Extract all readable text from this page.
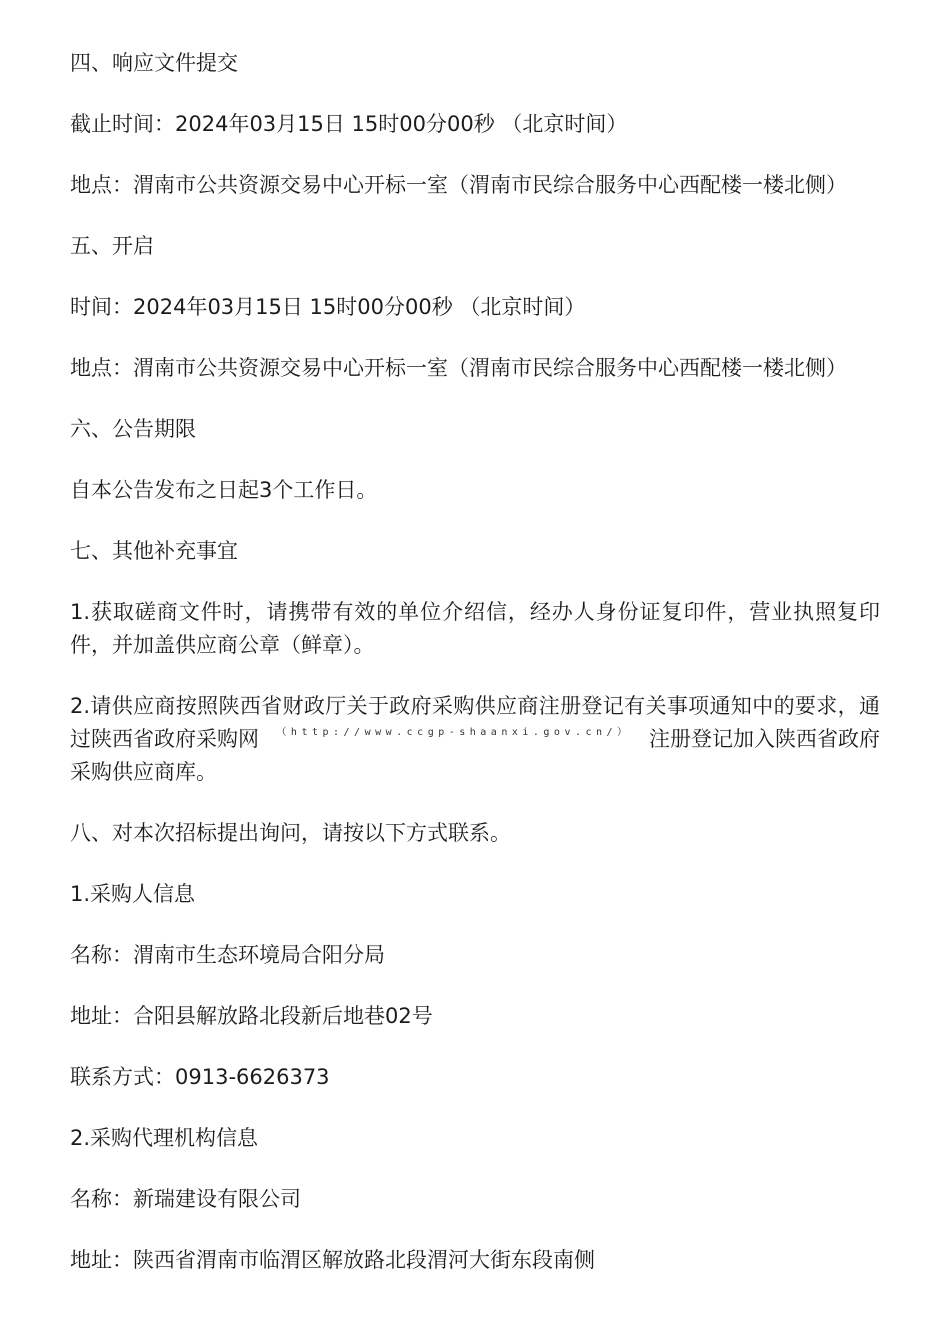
四、响应文件提交

截止时间：2024年03月15日 15时00分00秒 （北京时间）

地点：渭南市公共资源交易中心开标一室（渭南市民综合服务中心西配楼一楼北侧）

五、开启

时间：2024年03月15日 15时00分00秒 （北京时间）

地点：渭南市公共资源交易中心开标一室（渭南市民综合服务中心西配楼一楼北侧）

六、公告期限

自本公告发布之日起3个工作日。

七、其他补充事宜

1.获取磋商文件时，请携带有效的单位介绍信，经办人身份证复印件，营业执照复印
件，并加盖供应商公章（鲜章）。

2.请供应商按照陕西省财政厅关于政府采购供应商注册登记有关事项通知中的要求，通
过陕西省政府采购网 （http://www.ccgp-shaanxi.gov.cn/） 注册登记加入陕西省政府
采购供应商库。

八、对本次招标提出询问，请按以下方式联系。

1.采购人信息

名称：渭南市生态环境局合阳分局

地址：合阳县解放路北段新后地巷02号

联系方式：0913-6626373

2.采购代理机构信息

名称：新瑞建设有限公司

地址：陕西省渭南市临渭区解放路北段渭河大街东段南侧
